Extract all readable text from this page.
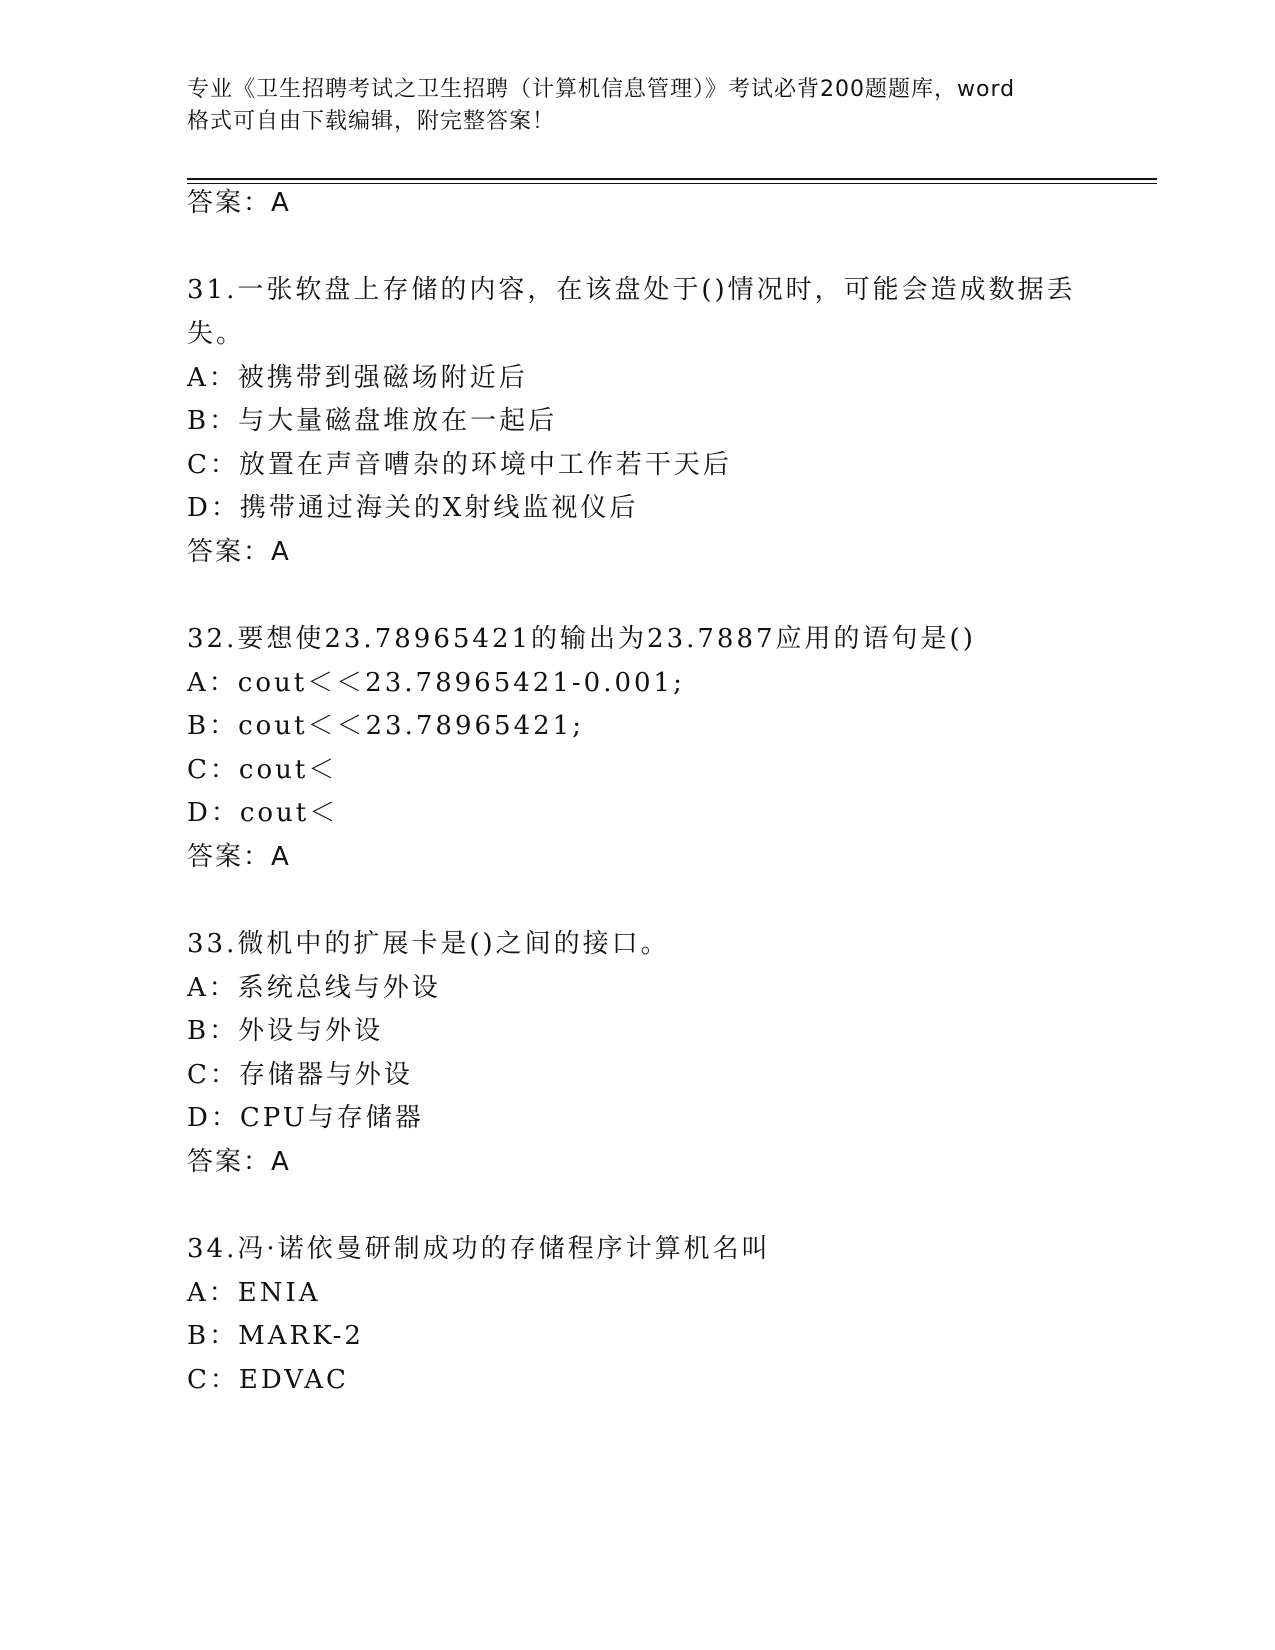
专业《卫生招聘考试之卫生招聘（计算机信息管理）》考试必背200题题库，word
格式可自由下载编辑，附完整答案！
答案：A
31.一张软盘上存储的内容，在该盘处于()情况时，可能会造成数据丢
失。
A：被携带到强磁场附近后
B：与大量磁盘堆放在一起后
C：放置在声音嘈杂的环境中工作若干天后
D：携带通过海关的X射线监视仪后
答案：A
32.要想使23.78965421的输出为23.7887应用的语句是()
A：cout＜＜23.78965421-0.001;
B：cout＜＜23.78965421;
C：cout＜
D：cout＜
答案：A
33.微机中的扩展卡是()之间的接口。
A：系统总线与外设
B：外设与外设
C：存储器与外设
D：CPU与存储器
答案：A
34.冯·诺依曼研制成功的存储程序计算机名叫
A：ENIA
B：MARK-2
C：EDVAC
